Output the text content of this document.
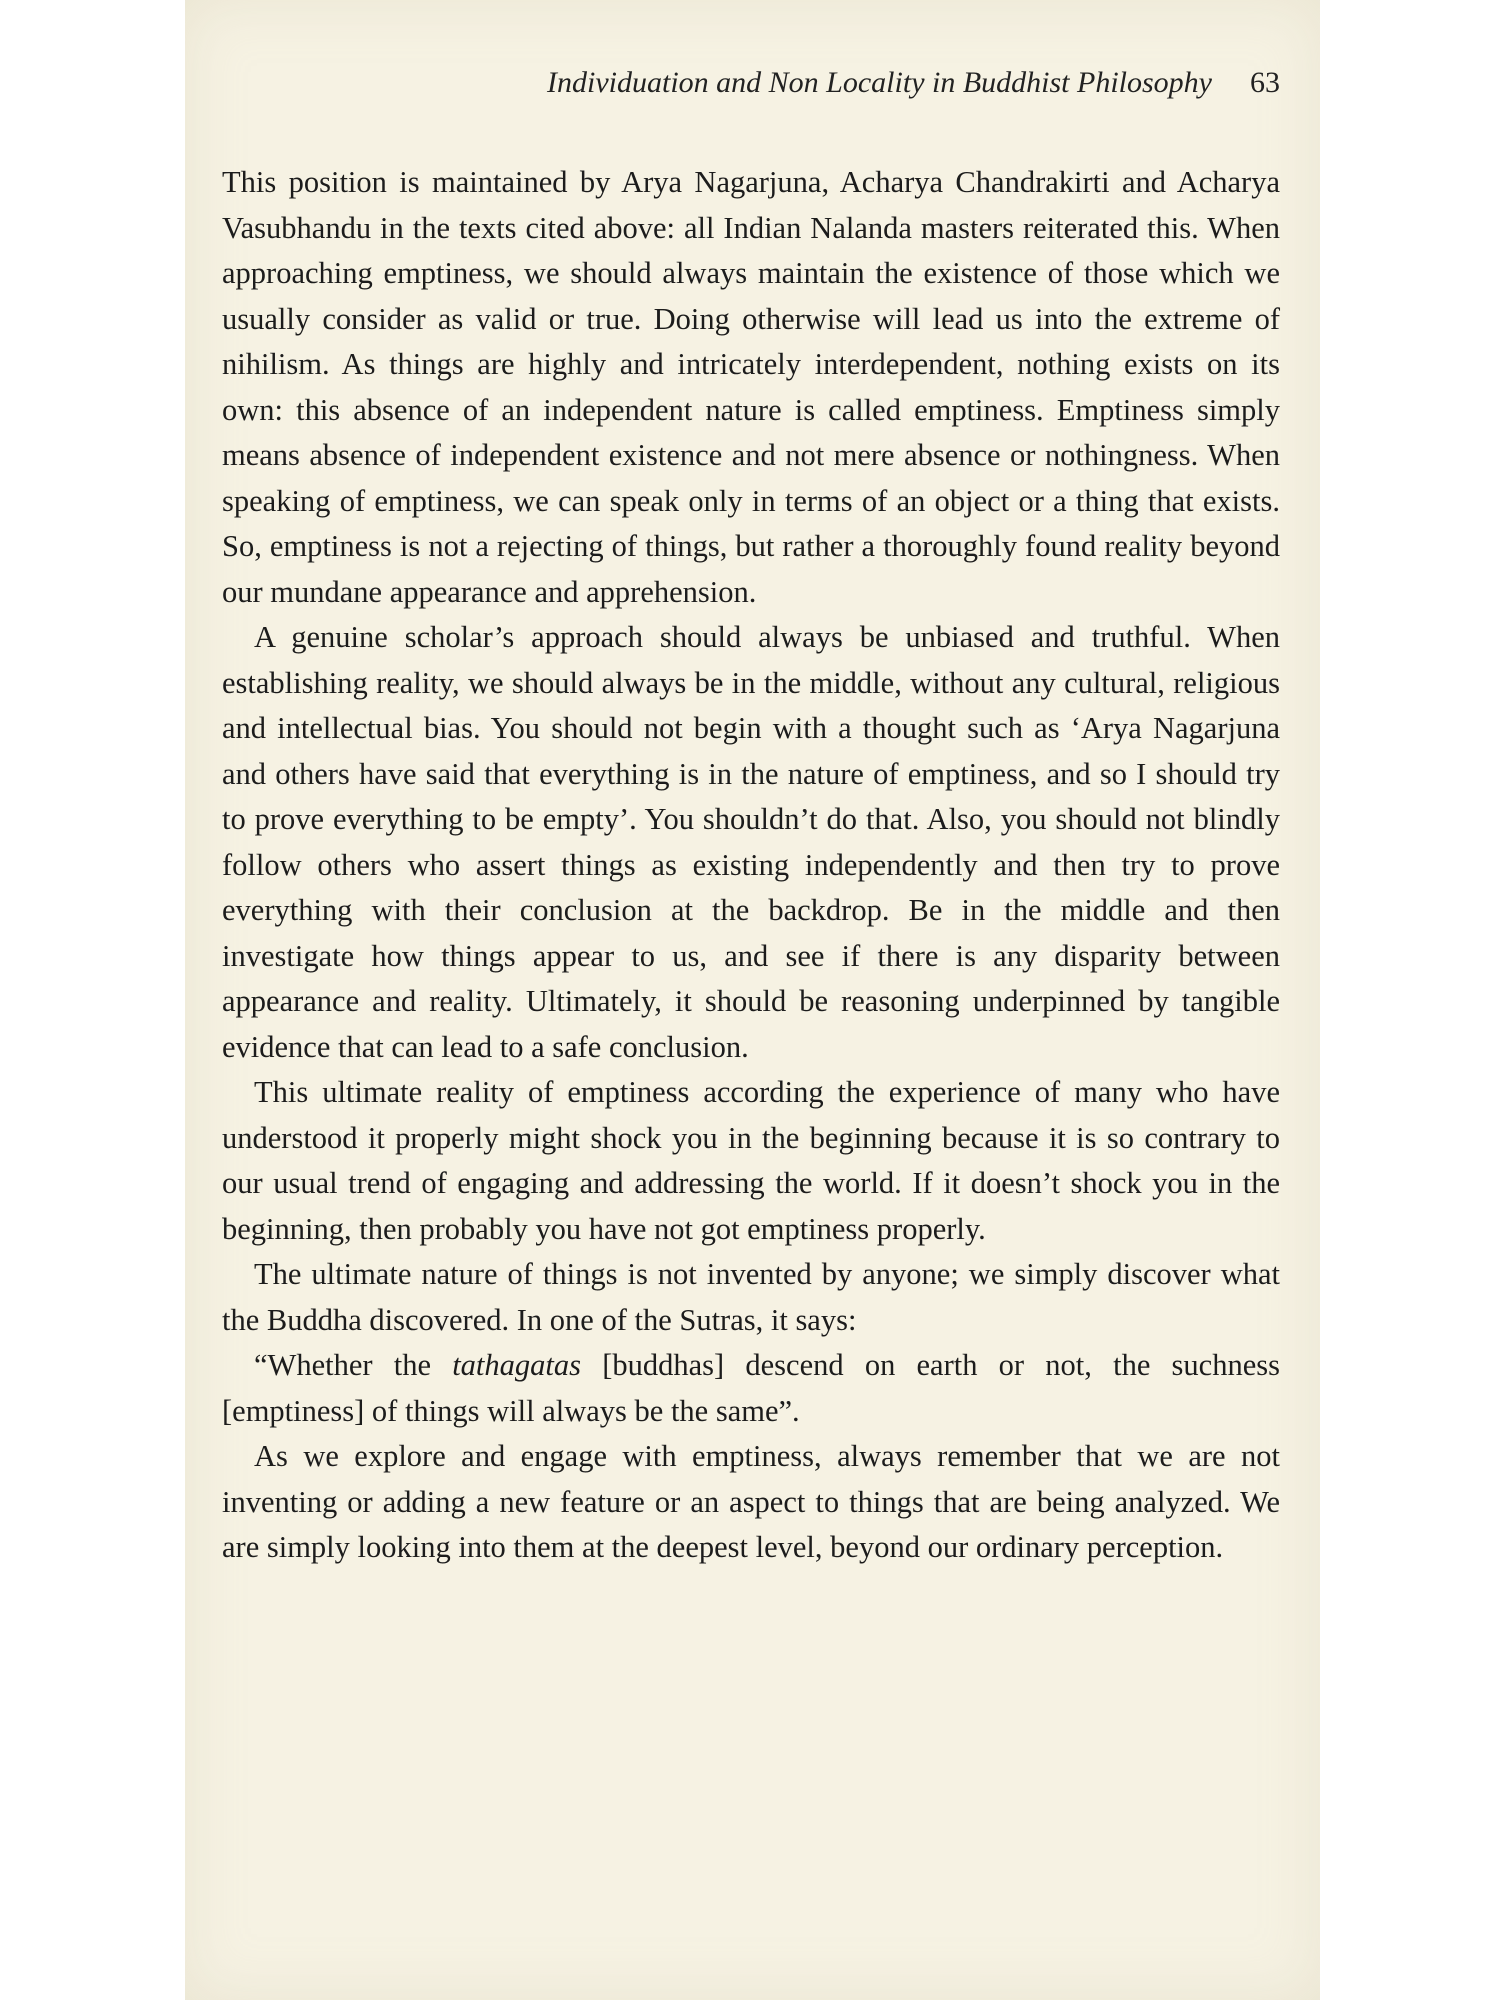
Individuation and Non Locality in Buddhist Philosophy 63

This position is maintained by Arya Nagarjuna, Acharya Chandrakirti and Acharya Vasubhandu in the texts cited above: all Indian Nalanda masters reiterated this. When approaching emptiness, we should always maintain the existence of those which we usually consider as valid or true. Doing otherwise will lead us into the extreme of nihilism. As things are highly and intricately interdependent, nothing exists on its own: this absence of an independent nature is called emptiness. Emptiness simply means absence of independent existence and not mere absence or nothingness. When speaking of emptiness, we can speak only in terms of an object or a thing that exists. So, emptiness is not a rejecting of things, but rather a thoroughly found reality beyond our mundane appearance and apprehension.

A genuine scholar’s approach should always be unbiased and truthful. When establishing reality, we should always be in the middle, without any cultural, religious and intellectual bias. You should not begin with a thought such as ‘Arya Nagarjuna and others have said that everything is in the nature of emptiness, and so I should try to prove everything to be empty’. You shouldn’t do that. Also, you should not blindly follow others who assert things as existing independently and then try to prove everything with their conclusion at the backdrop. Be in the middle and then investigate how things appear to us, and see if there is any disparity between appearance and reality. Ultimately, it should be reasoning underpinned by tangible evidence that can lead to a safe conclusion.

This ultimate reality of emptiness according the experience of many who have understood it properly might shock you in the beginning because it is so contrary to our usual trend of engaging and addressing the world. If it doesn’t shock you in the beginning, then probably you have not got emptiness properly.

The ultimate nature of things is not invented by anyone; we simply discover what the Buddha discovered. In one of the Sutras, it says:
“Whether the tathagatas [buddhas] descend on earth or not, the suchness [emptiness] of things will always be the same”.

As we explore and engage with emptiness, always remember that we are not inventing or adding a new feature or an aspect to things that are being analyzed. We are simply looking into them at the deepest level, beyond our ordinary perception.
